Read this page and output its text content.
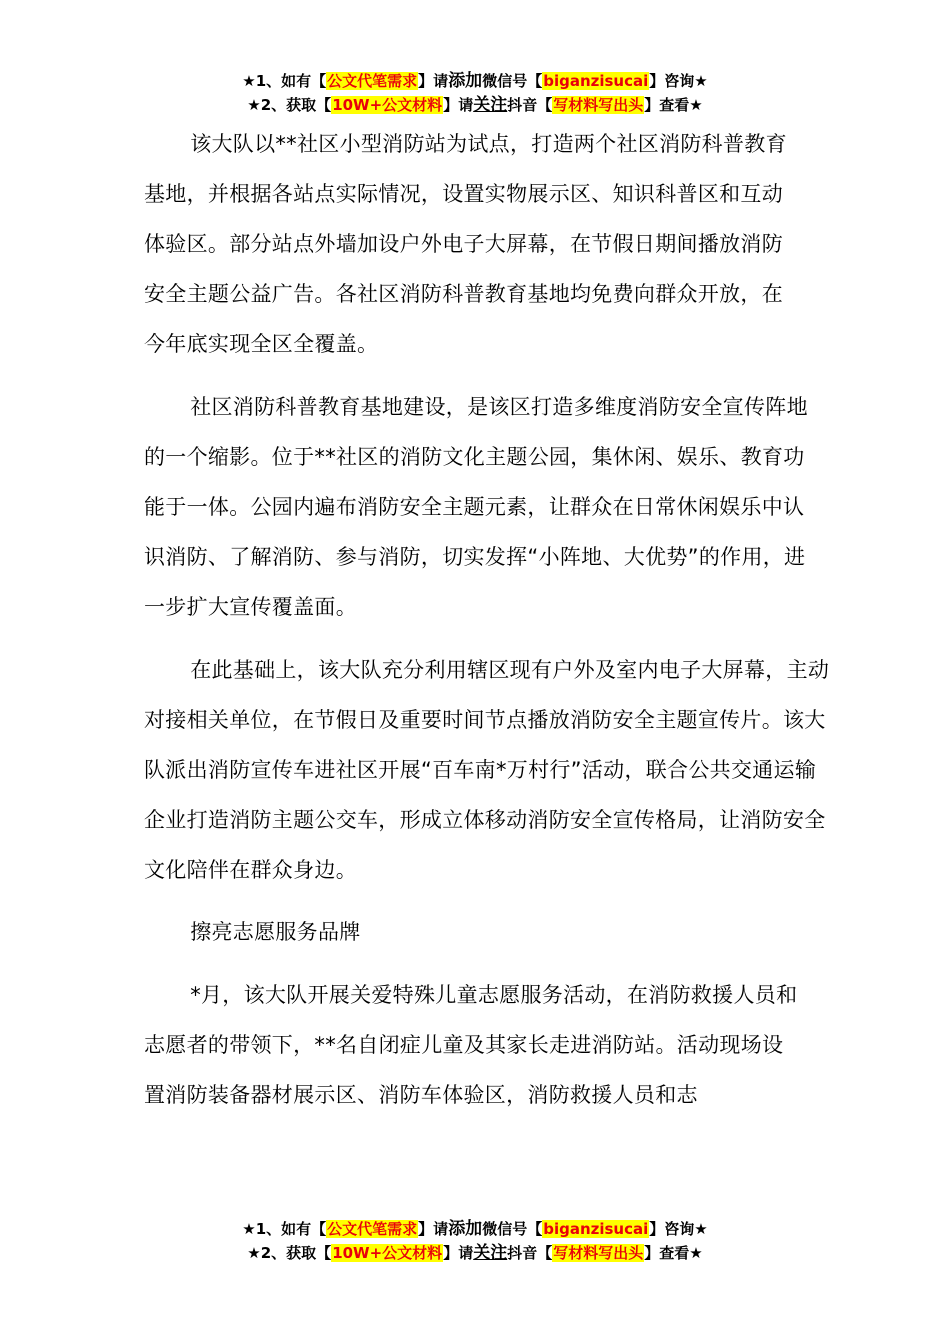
★1、如有【公文代笔需求】请添加微信号【biganzisucai】咨询★
★2、获取【10W+公文材料】请关注抖音【写材料写出头】查看★

该大队以**社区小型消防站为试点，打造两个社区消防科普教育基地，并根据各站点实际情况，设置实物展示区、知识科普区和互动体验区。部分站点外墙加设户外电子大屏幕，在节假日期间播放消防安全主题公益广告。各社区消防科普教育基地均免费向群众开放，在今年底实现全区全覆盖。

社区消防科普教育基地建设，是该区打造多维度消防安全宣传阵地的一个缩影。位于**社区的消防文化主题公园，集休闲、娱乐、教育功能于一体。公园内遍布消防安全主题元素，让群众在日常休闲娱乐中认识消防、了解消防、参与消防，切实发挥“小阵地、大优势”的作用，进一步扩大宣传覆盖面。

在此基础上，该大队充分利用辖区现有户外及室内电子大屏幕，主动对接相关单位，在节假日及重要时间节点播放消防安全主题宣传片。该大队派出消防宣传车进社区开展“百车南*万村行”活动，联合公共交通运输企业打造消防主题公交车，形成立体移动消防安全宣传格局，让消防安全文化陪伴在群众身边。

擦亮志愿服务品牌

*月，该大队开展关爱特殊儿童志愿服务活动，在消防救援人员和志愿者的带领下，**名自闭症儿童及其家长走进消防站。活动现场设置消防装备器材展示区、消防车体验区，消防救援人员和志

★1、如有【公文代笔需求】请添加微信号【biganzisucai】咨询★
★2、获取【10W+公文材料】请关注抖音【写材料写出头】查看★
